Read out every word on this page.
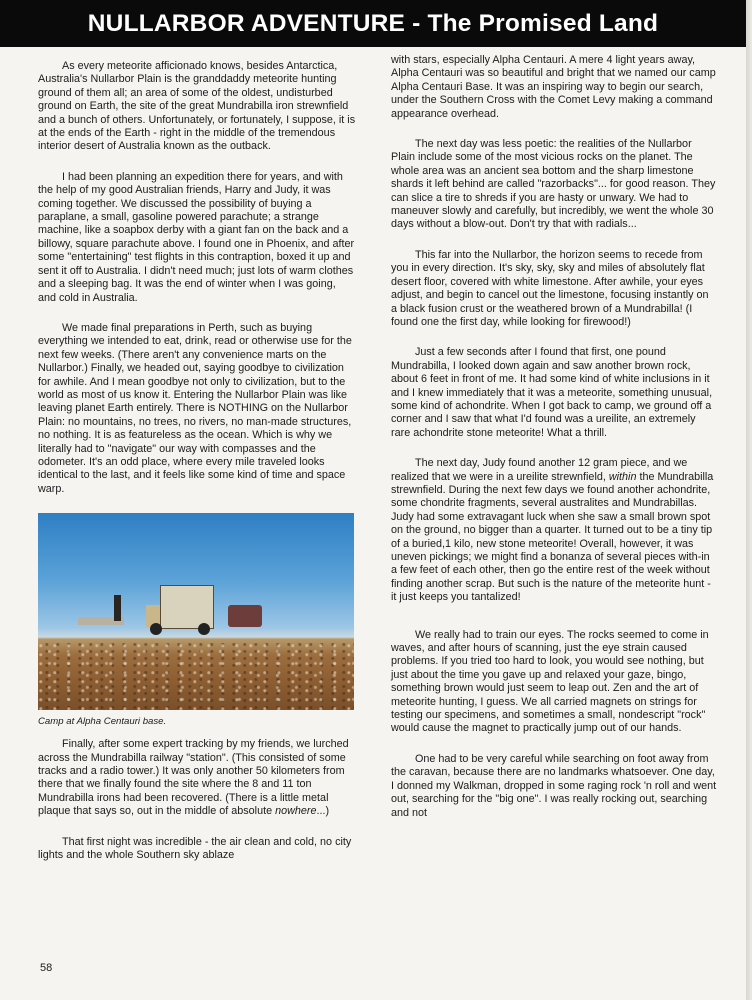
NULLARBOR ADVENTURE - The Promised Land

As every meteorite afficionado knows, besides Antarctica, Australia's Nullarbor Plain is the granddaddy meteorite hunting ground of them all; an area of some of the oldest, undisturbed ground on Earth, the site of the great Mundrabilla iron strewnfield and a bunch of others. Unfortunately, or fortunately, I suppose, it is at the ends of the Earth - right in the middle of the tremendous interior desert of Australia known as the outback.

I had been planning an expedition there for years, and with the help of my good Australian friends, Harry and Judy, it was coming together. We discussed the possibility of buying a paraplane, a small, gasoline powered parachute; a strange machine, like a soapbox derby with a giant fan on the back and a billowy, square parachute above. I found one in Phoenix, and after some "entertaining" test flights in this contraption, boxed it up and sent it off to Australia. I didn't need much; just lots of warm clothes and a sleeping bag. It was the end of winter when I was going, and cold in Australia.

We made final preparations in Perth, such as buying everything we intended to eat, drink, read or otherwise use for the next few weeks. (There aren't any convenience marts on the Nullarbor.) Finally, we headed out, saying goodbye to civilization for awhile. And I mean goodbye not only to civilization, but to the world as most of us know it. Entering the Nullarbor Plain was like leaving planet Earth entirely. There is NOTHING on the Nullarbor Plain: no mountains, no trees, no rivers, no man-made structures, no nothing. It is as featureless as the ocean. Which is why we literally had to "navigate" our way with compasses and the odometer. It's an odd place, where every mile traveled looks identical to the last, and it feels like some kind of time and space warp.

Camp at Alpha Centauri base.

Finally, after some expert tracking by my friends, we lurched across the Mundrabilla railway "station". (This consisted of some tracks and a radio tower.) It was only another 50 kilometers from there that we finally found the site where the 8 and 11 ton Mundrabilla irons had been recovered. (There is a little metal plaque that says so, out in the middle of absolute nowhere...)

That first night was incredible - the air clean and cold, no city lights and the whole Southern sky ablaze

with stars, especially Alpha Centauri. A mere 4 light years away, Alpha Centauri was so beautiful and bright that we named our camp Alpha Centauri Base. It was an inspiring way to begin our search, under the Southern Cross with the Comet Levy making a command appearance overhead.

The next day was less poetic: the realities of the Nullarbor Plain include some of the most vicious rocks on the planet. The whole area was an ancient sea bottom and the sharp limestone shards it left behind are called "razorbacks"... for good reason. They can slice a tire to shreds if you are hasty or unwary. We had to maneuver slowly and carefully, but incredibly, we went the whole 30 days without a blow-out. Don't try that with radials...

This far into the Nullarbor, the horizon seems to recede from you in every direction. It's sky, sky, sky and miles of absolutely flat desert floor, covered with white limestone. After awhile, your eyes adjust, and begin to cancel out the limestone, focusing instantly on a black fusion crust or the weathered brown of a Mundrabilla! (I found one the first day, while looking for firewood!)

Just a few seconds after I found that first, one pound Mundrabilla, I looked down again and saw another brown rock, about 6 feet in front of me. It had some kind of white inclusions in it and I knew immediately that it was a meteorite, something unusual, some kind of achondrite. When I got back to camp, we ground off a corner and I saw that what I'd found was a ureilite, an extremely rare achondrite stone meteorite! What a thrill.

The next day, Judy found another 12 gram piece, and we realized that we were in a ureilite strewnfield, within the Mundrabilla strewnfield. During the next few days we found another achondrite, some chondrite fragments, several australites and Mundrabillas. Judy had some extravagant luck when she saw a small brown spot on the ground, no bigger than a quarter. It turned out to be a tiny tip of a buried,1 kilo, new stone meteorite! Overall, however, it was uneven pickings; we might find a bonanza of several pieces with-in a few feet of each other, then go the entire rest of the week without finding another scrap. But such is the nature of the meteorite hunt - it just keeps you tantalized!

We really had to train our eyes. The rocks seemed to come in waves, and after hours of scanning, just the eye strain caused problems. If you tried too hard to look, you would see nothing, but just about the time you gave up and relaxed your gaze, bingo, something brown would just seem to leap out. Zen and the art of meteorite hunting, I guess. We all carried magnets on strings for testing our specimens, and sometimes a small, nondescript "rock" would cause the magnet to practically jump out of our hands.

One had to be very careful while searching on foot away from the caravan, because there are no landmarks whatsoever. One day, I donned my Walkman, dropped in some raging rock 'n roll and went out, searching for the "big one". I was really rocking out, searching and not

58
